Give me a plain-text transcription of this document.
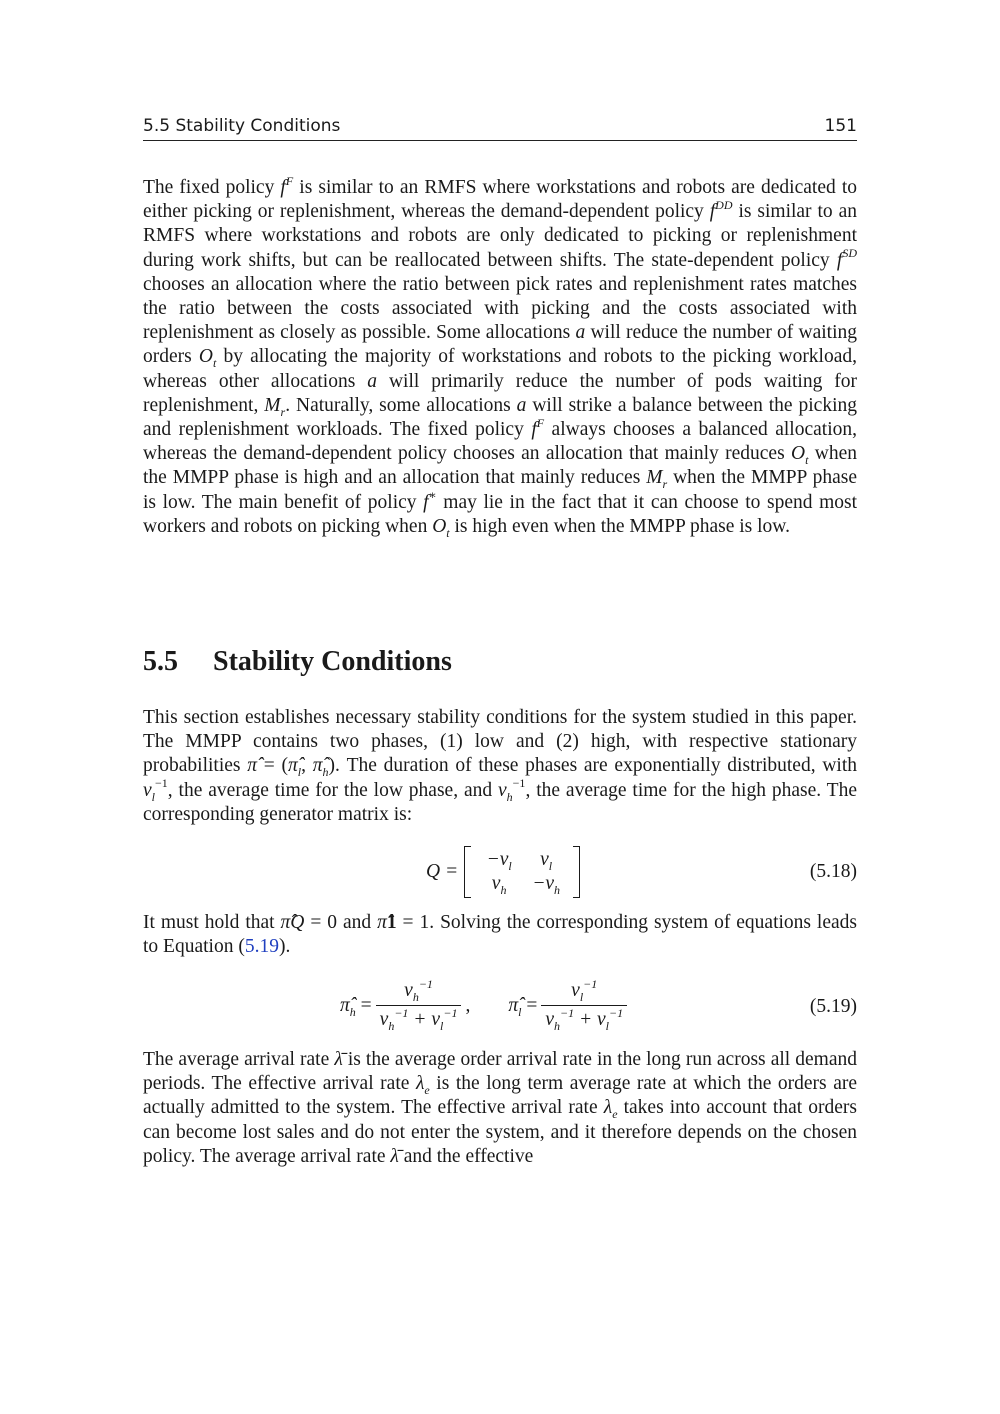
5.5 Stability Conditions	151

The fixed policy $f^F$ is similar to an RMFS where workstations and robots are dedicated to either picking or replenishment, whereas the demand-dependent policy $f^{DD}$ is similar to an RMFS where workstations and robots are only dedicated to picking or replenishment during work shifts, but can be reallocated between shifts. The state-dependent policy $f^{SD}$ chooses an allocation where the ratio between pick rates and replenishment rates matches the ratio between the costs associated with picking and the costs associated with replenishment as closely as possible. Some allocations a will reduce the number of waiting orders $O_t$ by allocating the majority of workstations and robots to the picking workload, whereas other allocations a will primarily reduce the number of pods waiting for replenishment, $M_r$. Naturally, some allocations a will strike a balance between the picking and replenishment workloads. The fixed policy $f^F$ always chooses a balanced allocation, whereas the demand-dependent policy chooses an allocation that mainly reduces $O_t$ when the MMPP phase is high and an allocation that mainly reduces $M_r$ when the MMPP phase is low. The main benefit of policy f∗ may lie in the fact that it can choose to spend most workers and robots on picking when $O_t$ is high even when the MMPP phase is low.

5.5 Stability Conditions

This section establishes necessary stability conditions for the system studied in this paper. The MMPP contains two phases, (1) low and (2) high, with respective stationary probabilities π̂ = ($\pî_l$, $\pî_h$). The duration of these phases are exponentially distributed, with $\nu_l^{-1}$, the average time for the low phase, and $\nu_h^{-1}$, the average time for the high phase. The corresponding generator matrix is:

Q =
$-\nu_l$	$\nu_l$
$\nu_h$	$-\nu_h$
(5.18)

It must hold that π̂Q = 0 and π̂1 = 1. Solving the corresponding system of equations leads to Equation (5.19).

$\pî_h = \frac{\nu_h^{-1}}{\nu_h^{-1} + \nu_l^{-1}}$ , $\pî_l = \frac{\nu_l^{-1}}{\nu_h^{-1} + \nu_l^{-1}}$	(5.19)

The average arrival rate λ̄ is the average order arrival rate in the long run across all demand periods. The effective arrival rate $\lambda_e$ is the long term average rate at which the orders are actually admitted to the system. The effective arrival rate $\lambda_e$ takes into account that orders can become lost sales and do not enter the system, and it therefore depends on the chosen policy. The average arrival rate λ̄ and the effective
